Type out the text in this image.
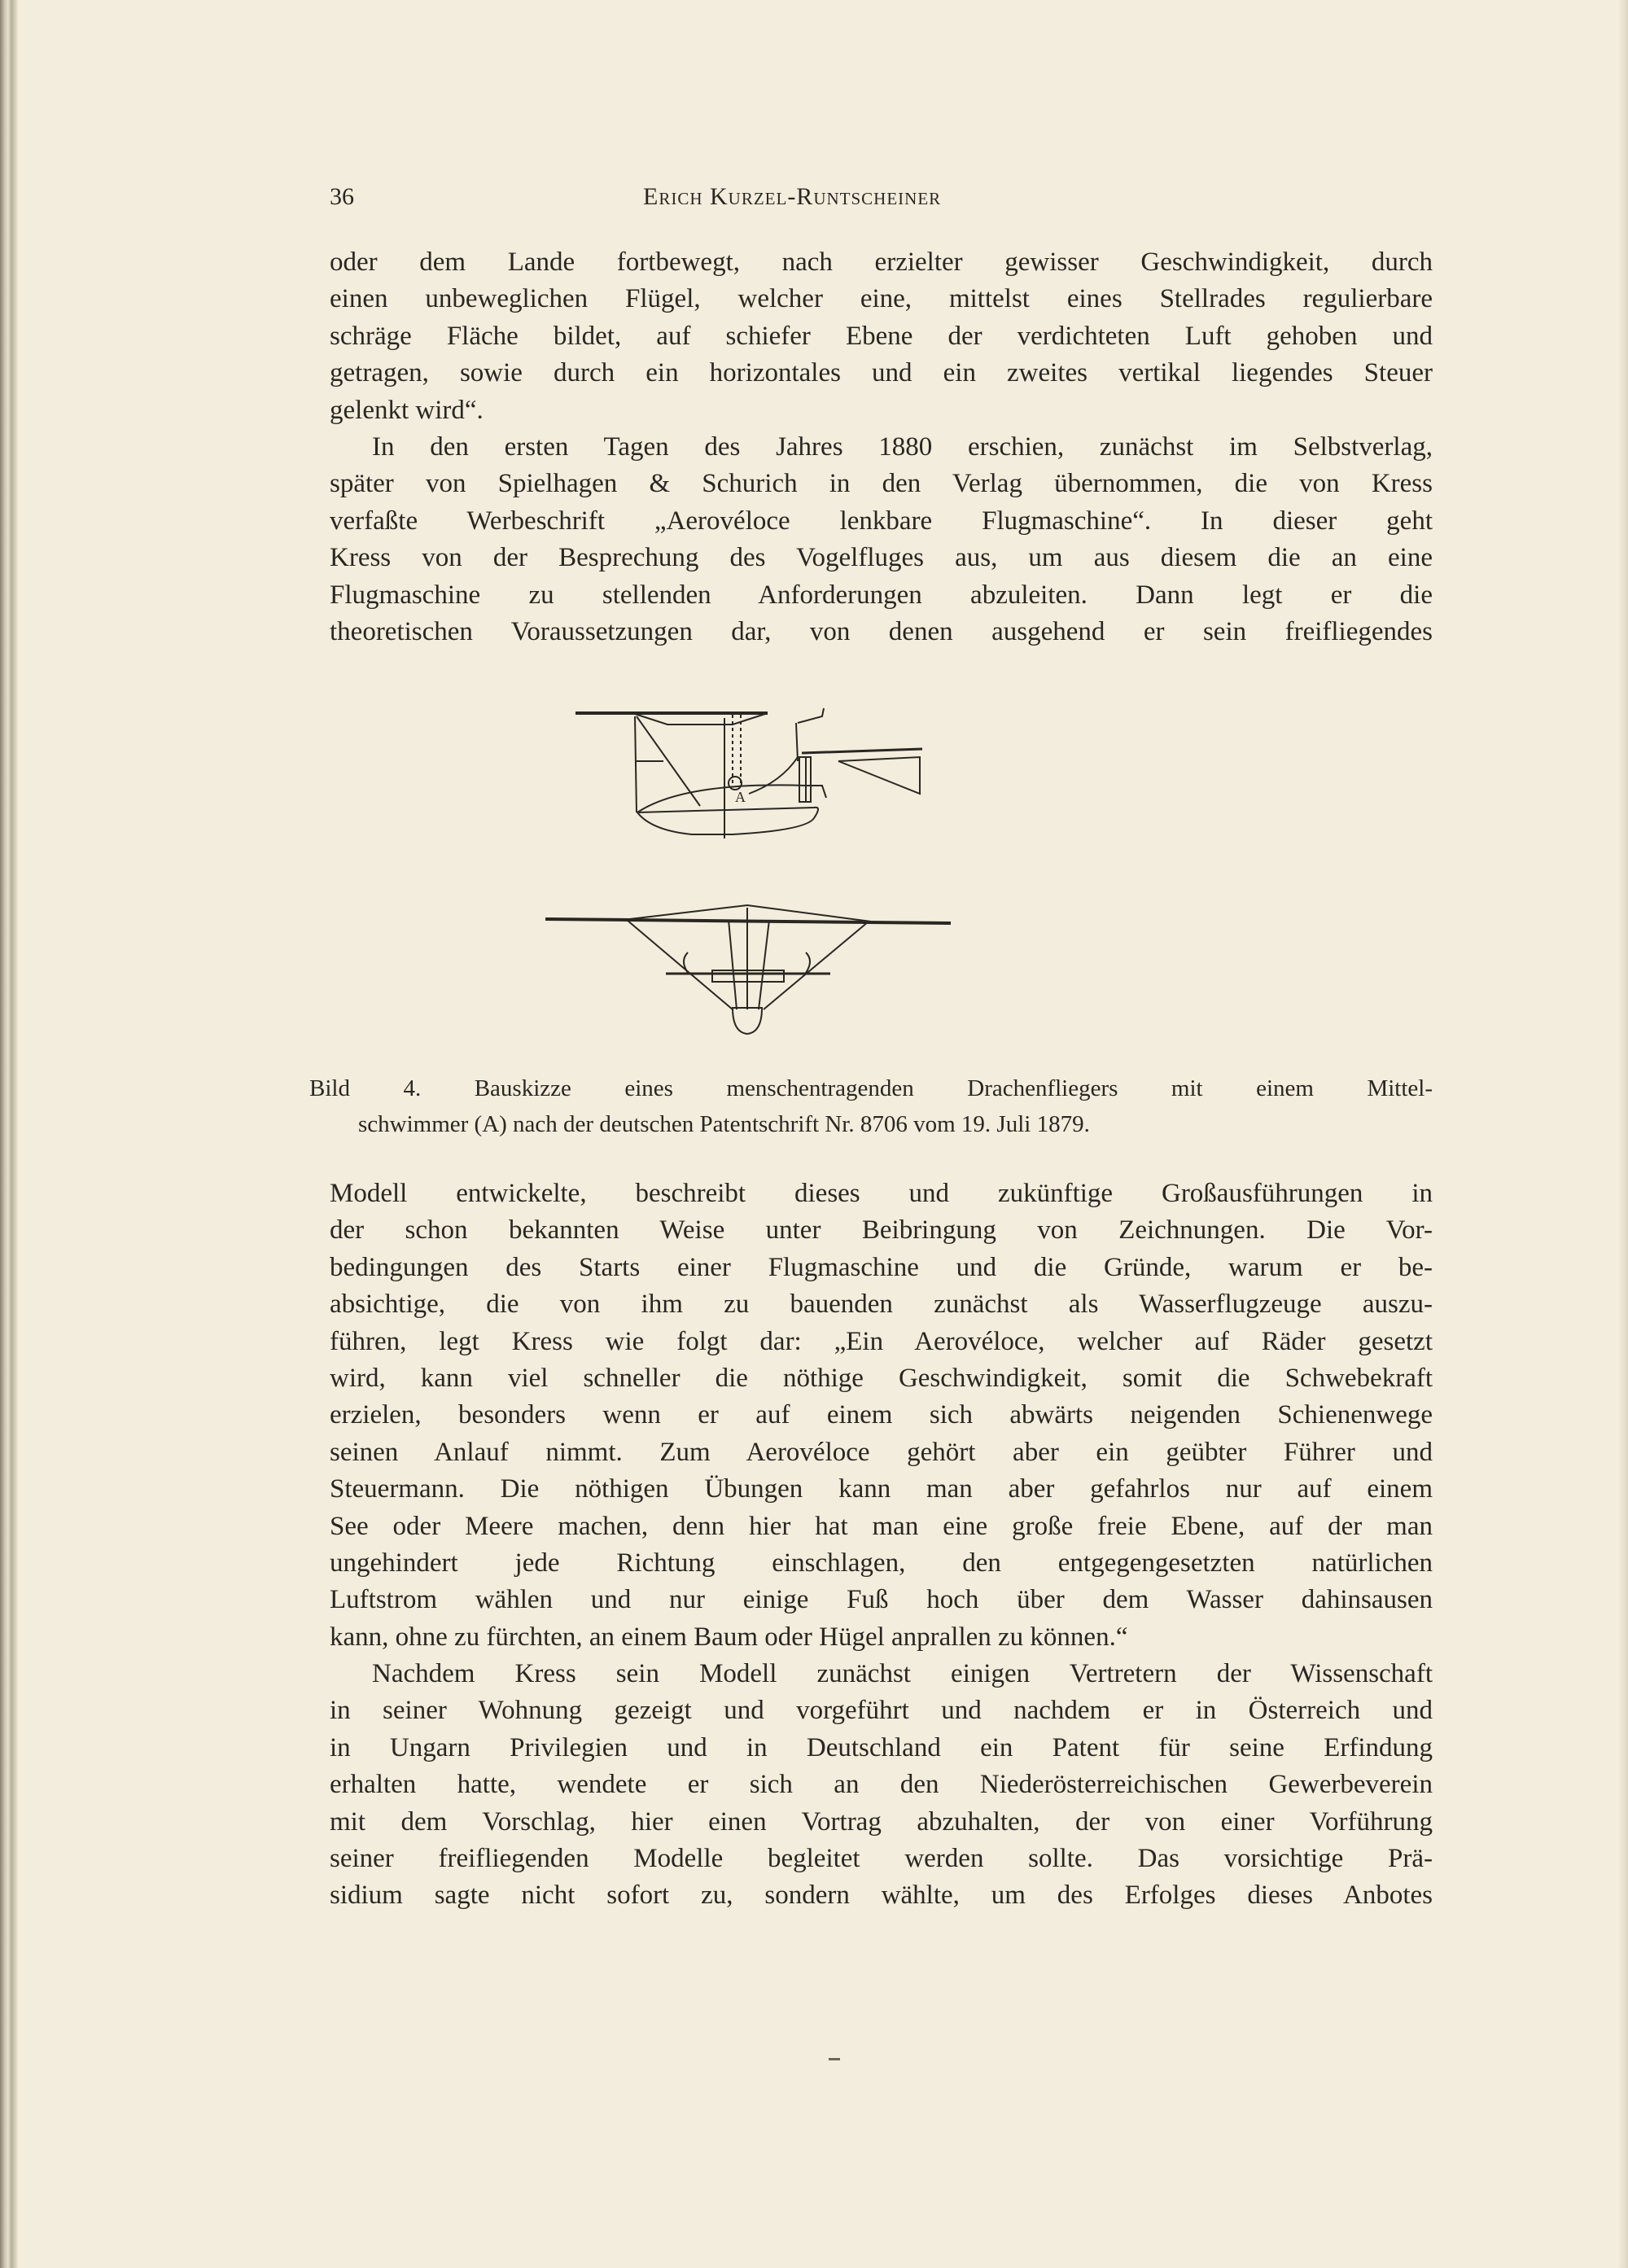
36	Erich Kurzel-Runtscheiner
oder dem Lande fortbewegt, nach erzielter gewisser Geschwindigkeit, durch
einen unbeweglichen Flügel, welcher eine, mittelst eines Stellrades regulierbare
schräge Fläche bildet, auf schiefer Ebene der verdichteten Luft gehoben und
getragen, sowie durch ein horizontales und ein zweites vertikal liegendes Steuer
gelenkt wird“.
In den ersten Tagen des Jahres 1880 erschien, zunächst im Selbstverlag,
später von Spielhagen & Schurich in den Verlag übernommen, die von Kress
verfaßte Werbeschrift „Aerovéloce lenkbare Flugmaschine“. In dieser geht
Kress von der Besprechung des Vogelfluges aus, um aus diesem die an eine
Flugmaschine zu stellenden Anforderungen abzuleiten. Dann legt er die
theoretischen Voraussetzungen dar, von denen ausgehend er sein freifliegendes
A
Bild 4. Bauskizze eines menschentragenden Drachenfliegers mit einem Mittel-
schwimmer (A) nach der deutschen Patentschrift Nr. 8706 vom 19. Juli 1879.
Modell entwickelte, beschreibt dieses und zukünftige Großausführungen in
der schon bekannten Weise unter Beibringung von Zeichnungen. Die Vor-
bedingungen des Starts einer Flugmaschine und die Gründe, warum er be-
absichtige, die von ihm zu bauenden zunächst als Wasserflugzeuge auszu-
führen, legt Kress wie folgt dar: „Ein Aerovéloce, welcher auf Räder gesetzt
wird, kann viel schneller die nöthige Geschwindigkeit, somit die Schwebekraft
erzielen, besonders wenn er auf einem sich abwärts neigenden Schienenwege
seinen Anlauf nimmt. Zum Aerovéloce gehört aber ein geübter Führer und
Steuermann. Die nöthigen Übungen kann man aber gefahrlos nur auf einem
See oder Meere machen, denn hier hat man eine große freie Ebene, auf der man
ungehindert jede Richtung einschlagen, den entgegengesetzten natürlichen
Luftstrom wählen und nur einige Fuß hoch über dem Wasser dahinsausen
kann, ohne zu fürchten, an einem Baum oder Hügel anprallen zu können.“
Nachdem Kress sein Modell zunächst einigen Vertretern der Wissenschaft
in seiner Wohnung gezeigt und vorgeführt und nachdem er in Österreich und
in Ungarn Privilegien und in Deutschland ein Patent für seine Erfindung
erhalten hatte, wendete er sich an den Niederösterreichischen Gewerbeverein
mit dem Vorschlag, hier einen Vortrag abzuhalten, der von einer Vorführung
seiner freifliegenden Modelle begleitet werden sollte. Das vorsichtige Prä-
sidium sagte nicht sofort zu, sondern wählte, um des Erfolges dieses Anbotes
